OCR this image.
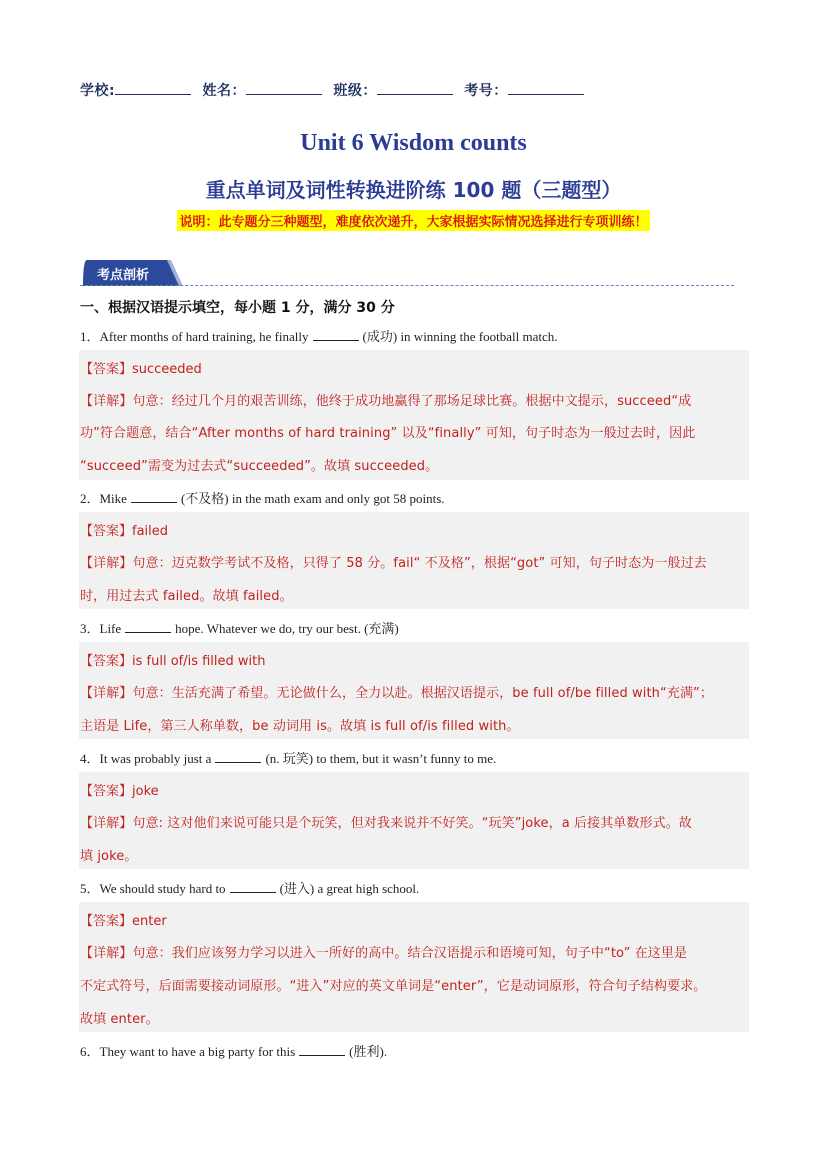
学校:	姓名：	班级：	考号：
Unit 6 Wisdom counts
重点单词及词性转换进阶练 100 题（三题型）
说明：此专题分三种题型，难度依次递升，大家根据实际情况选择进行专项训练！
考点剖析
一、根据汉语提示填空，每小题 1 分，满分 30 分
1．After months of hard training, he finally	(成功) in winning the football match.
【答案】succeeded
【详解】句意：经过几个月的艰苦训练，他终于成功地赢得了那场足球比赛。根据中文提示，succeed“成
功”符合题意，结合“After months of hard training” 以及“finally” 可知，句子时态为一般过去时，因此
“succeed”需变为过去式“succeeded”。故填 succeeded。
2．Mike	(不及格) in the math exam and only got 58 points.
【答案】failed
【详解】句意：迈克数学考试不及格，只得了 58 分。fail“ 不及格”，根据“got” 可知，句子时态为一般过去
时，用过去式 failed。故填 failed。
3．Life	hope. Whatever we do, try our best. (充满)
【答案】is full of/is filled with
【详解】句意：生活充满了希望。无论做什么，全力以赴。根据汉语提示，be full of/be filled with“充满”；
主语是 Life，第三人称单数，be 动词用 is。故填 is full of/is filled with。
4．It was probably just a	(n. 玩笑) to them, but it wasn’t funny to me.
【答案】joke
【详解】句意: 这对他们来说可能只是个玩笑，但对我来说并不好笑。“玩笑”joke，a 后接其单数形式。故
填 joke。
5．We should study hard to	(进入) a great high school.
【答案】enter
【详解】句意：我们应该努力学习以进入一所好的高中。结合汉语提示和语境可知，句子中“to” 在这里是
不定式符号，后面需要接动词原形。“进入”对应的英文单词是“enter”，它是动词原形，符合句子结构要求。
故填 enter。
6．They want to have a big party for this	(胜利).
